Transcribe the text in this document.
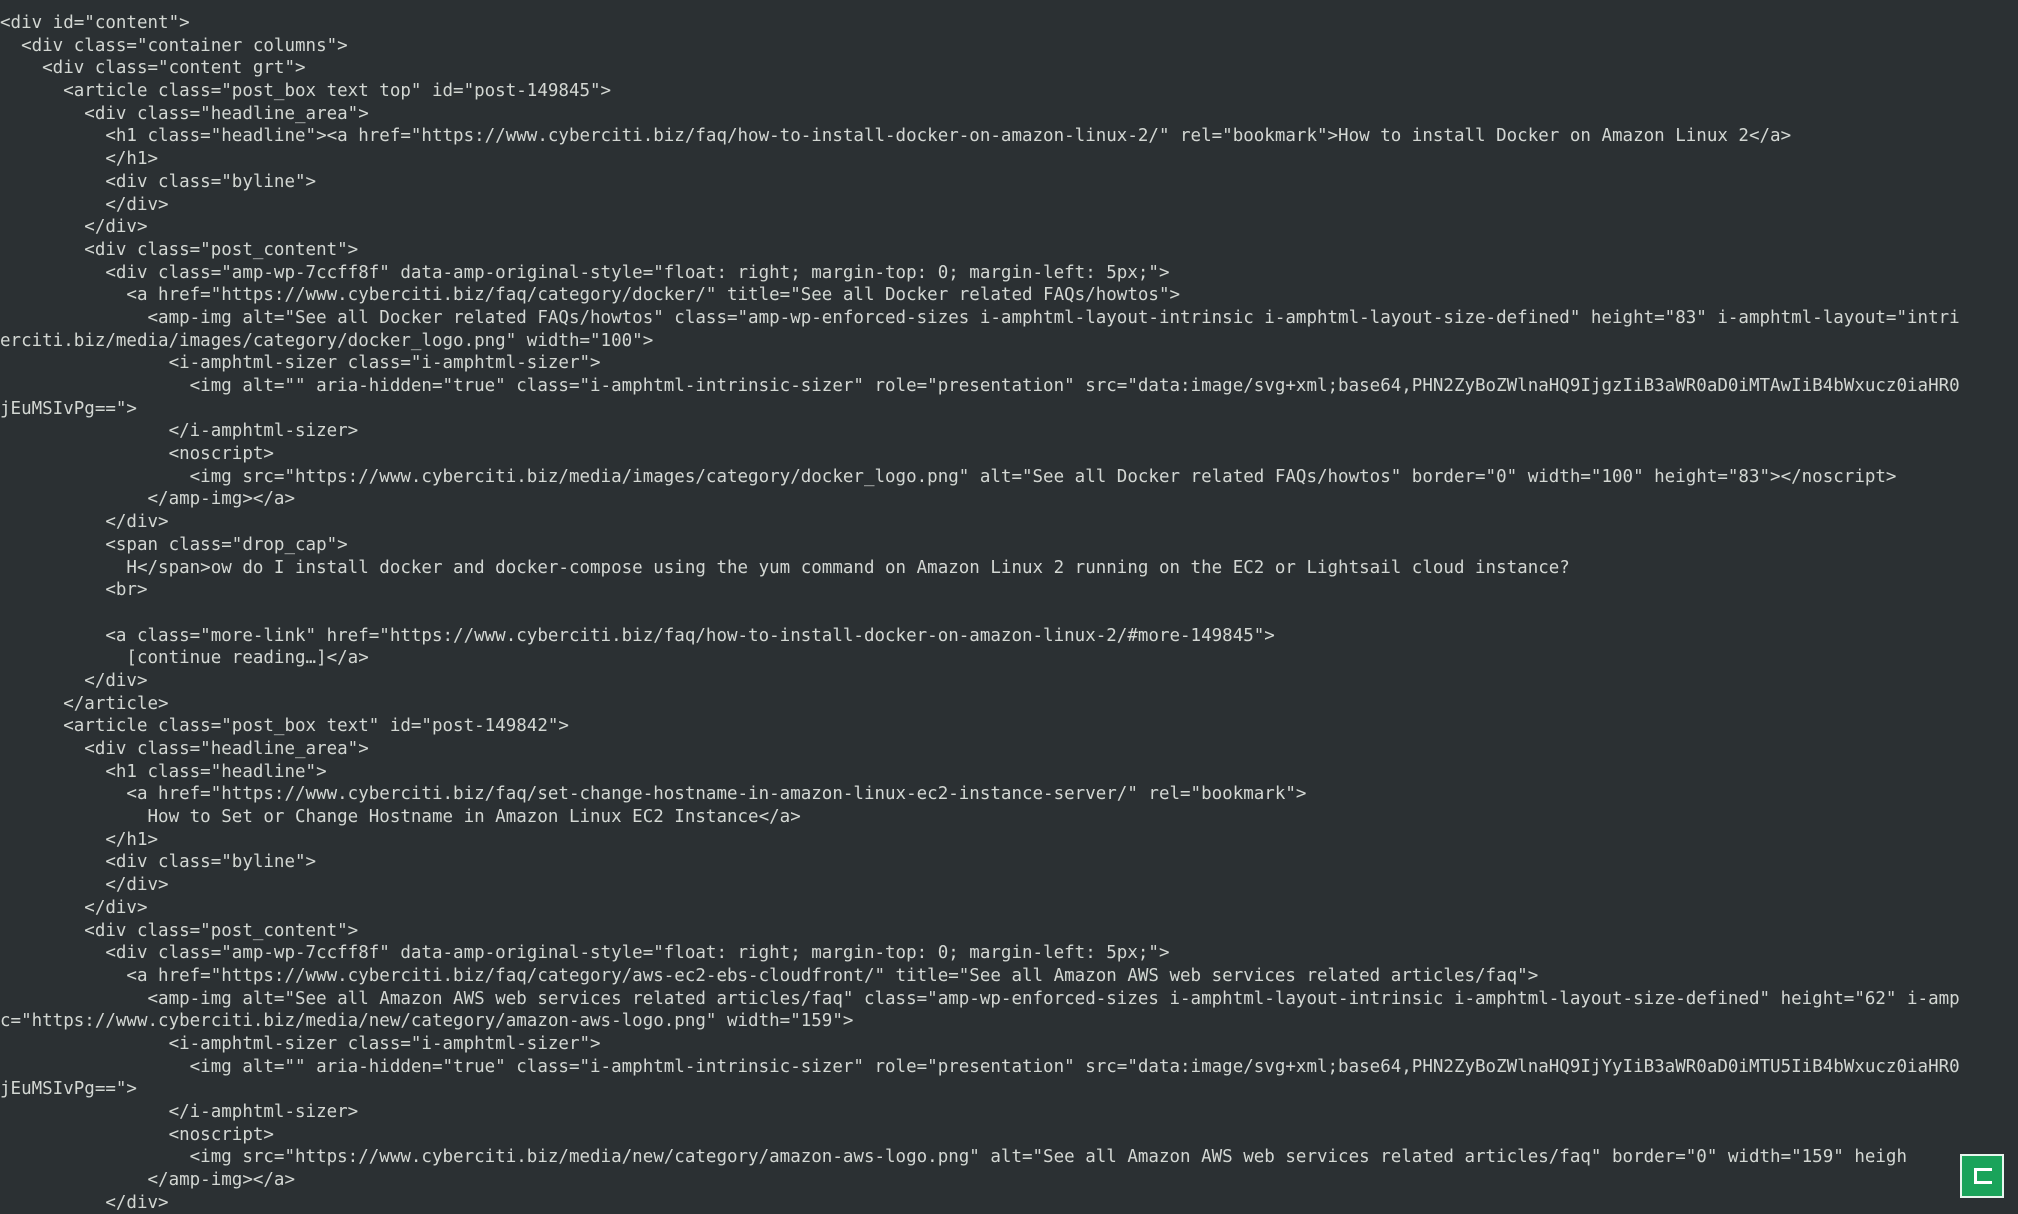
<div id="content">
<div class="container columns">
<div class="content grt">
<article class="post_box text top" id="post-149845">
<div class="headline_area">
<h1 class="headline"><a href="https://www.cyberciti.biz/faq/how-to-install-docker-on-amazon-linux-2/" rel="bookmark">How to install Docker on Amazon Linux 2</a>
</h1>
<div class="byline">
</div>
</div>
<div class="post_content">
<div class="amp-wp-7ccff8f" data-amp-original-style="float: right; margin-top: 0; margin-left: 5px;">
<a href="https://www.cyberciti.biz/faq/category/docker/" title="See all Docker related FAQs/howtos">
<amp-img alt="See all Docker related FAQs/howtos" class="amp-wp-enforced-sizes i-amphtml-layout-intrinsic i-amphtml-layout-size-defined" height="83" i-amphtml-layout="intri
erciti.biz/media/images/category/docker_logo.png" width="100">
<i-amphtml-sizer class="i-amphtml-sizer">
<img alt="" aria-hidden="true" class="i-amphtml-intrinsic-sizer" role="presentation" src="data:image/svg+xml;base64,PHN2ZyBoZWlnaHQ9IjgzIiB3aWR0aD0iMTAwIiB4bWxucz0iaHR0
jEuMSIvPg==">
</i-amphtml-sizer>
<noscript>
<img src="https://www.cyberciti.biz/media/images/category/docker_logo.png" alt="See all Docker related FAQs/howtos" border="0" width="100" height="83"></noscript>
</amp-img></a>
</div>
<span class="drop_cap">
H</span>ow do I install docker and docker-compose using the yum command on Amazon Linux 2 running on the EC2 or Lightsail cloud instance?
<br>
<a class="more-link" href="https://www.cyberciti.biz/faq/how-to-install-docker-on-amazon-linux-2/#more-149845">
[continue reading…]</a>
</div>
</article>
<article class="post_box text" id="post-149842">
<div class="headline_area">
<h1 class="headline">
<a href="https://www.cyberciti.biz/faq/set-change-hostname-in-amazon-linux-ec2-instance-server/" rel="bookmark">
How to Set or Change Hostname in Amazon Linux EC2 Instance</a>
</h1>
<div class="byline">
</div>
</div>
<div class="post_content">
<div class="amp-wp-7ccff8f" data-amp-original-style="float: right; margin-top: 0; margin-left: 5px;">
<a href="https://www.cyberciti.biz/faq/category/aws-ec2-ebs-cloudfront/" title="See all Amazon AWS web services related articles/faq">
<amp-img alt="See all Amazon AWS web services related articles/faq" class="amp-wp-enforced-sizes i-amphtml-layout-intrinsic i-amphtml-layout-size-defined" height="62" i-amp
c="https://www.cyberciti.biz/media/new/category/amazon-aws-logo.png" width="159">
<i-amphtml-sizer class="i-amphtml-sizer">
<img alt="" aria-hidden="true" class="i-amphtml-intrinsic-sizer" role="presentation" src="data:image/svg+xml;base64,PHN2ZyBoZWlnaHQ9IjYyIiB3aWR0aD0iMTU5IiB4bWxucz0iaHR0
jEuMSIvPg==">
</i-amphtml-sizer>
<noscript>
<img src="https://www.cyberciti.biz/media/new/category/amazon-aws-logo.png" alt="See all Amazon AWS web services related articles/faq" border="0" width="159" heigh
</amp-img></a>
</div>
